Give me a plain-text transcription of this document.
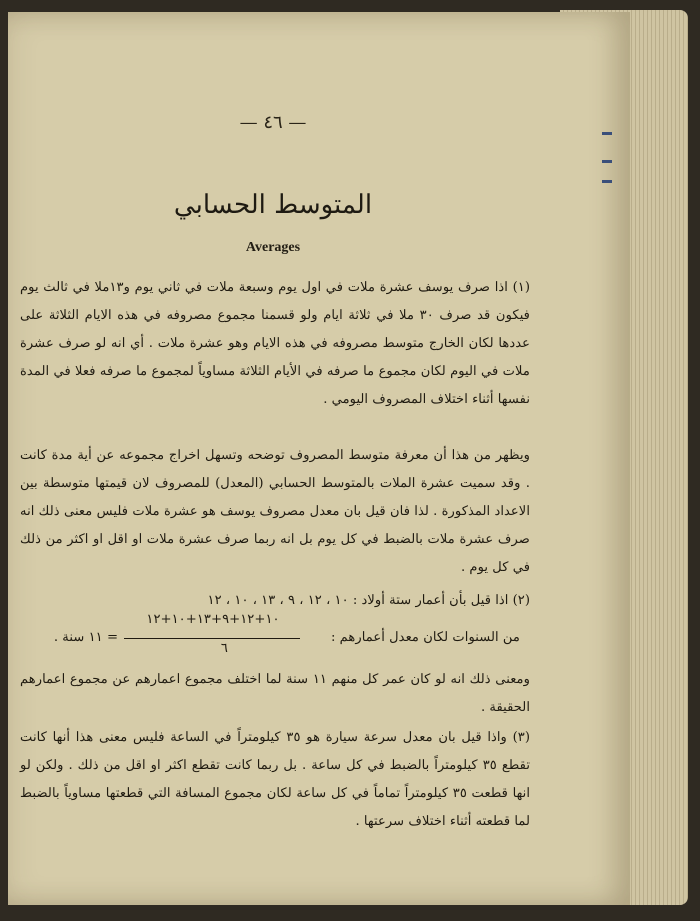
— ٤٦ —
المتوسط الحسابي
Averages
(١) اذا صرف يوسف عشرة ملات في اول يوم وسبعة ملات في ثاني يوم و١٣ملا في ثالث يوم فيكون قد صرف ٣٠ ملا في ثلاثة ايام ولو قسمنا مجموع مصروفه في هذه الايام الثلاثة على عددها لكان الخارج متوسط مصروفه في هذه الايام وهو عشرة ملات . أي انه لو صرف عشرة ملات في اليوم لكان مجموع ما صرفه في الأيام الثلاثة مساوياً لمجموع ما صرفه فعلا في المدة نفسها أثناء اختلاف المصروف اليومي .
ويظهر من هذا أن معرفة متوسط المصروف توضحه وتسهل اخراج مجموعه عن أية مدة كانت . وقد سميت عشرة الملات بالمتوسط الحسابي (المعدل) للمصروف لان قيمتها متوسطة بين الاعداد المذكورة . لذا فان قيل بان معدل مصروف يوسف هو عشرة ملات فليس معنى ذلك انه صرف عشرة ملات بالضبط في كل يوم بل انه ربما صرف عشرة ملات او اقل او اكثر من ذلك في كل يوم .
(٢) اذا قيل بأن أعمار ستة أولاد : ١٠ ، ١٢ ، ٩ ، ١٣ ، ١٠ ، ١٢
من السنوات لكان معدل أعمارهم :
١٠+١٢+٩+١٣+١٠+١٢
٦
= ١١ سنة .
ومعنى ذلك انه لو كان عمر كل منهم ١١ سنة لما اختلف مجموع اعمارهم عن مجموع اعمارهم الحقيقة .
(٣) واذا قيل بان معدل سرعة سيارة هو ٣٥ كيلومتراً في الساعة فليس معنى هذا أنها كانت تقطع ٣٥ كيلومتراً بالضبط في كل ساعة . بل ربما كانت تقطع اكثر او اقل من ذلك . ولكن لو انها قطعت ٣٥ كيلومتراً تماماً في كل ساعة لكان مجموع المسافة التي قطعتها مساوياً بالضبط لما قطعته أثناء اختلاف سرعتها .
